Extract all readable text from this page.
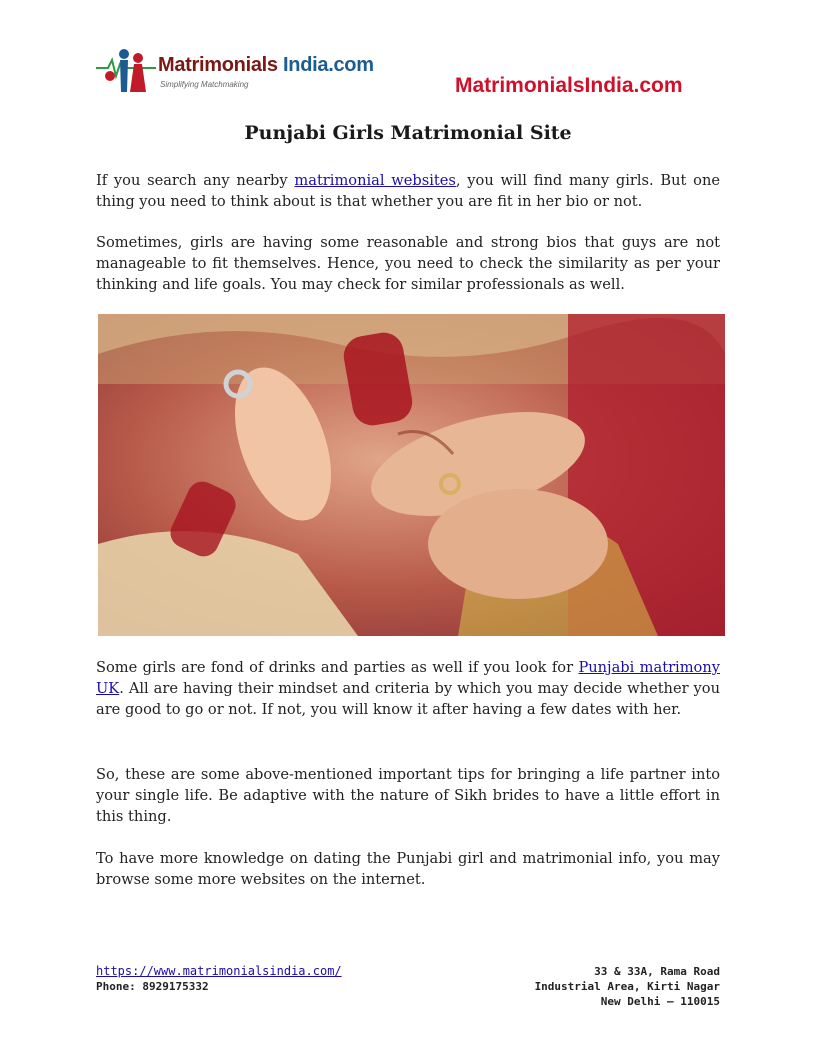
Matrimonials India.com
Simplifying Matchmaking	MatrimonialsIndia.com
Punjabi Girls Matrimonial Site

If you search any nearby matrimonial websites, you will find many girls. But one thing you need to think about is that whether you are fit in her bio or not.

Sometimes, girls are having some reasonable and strong bios that guys are not manageable to fit themselves. Hence, you need to check the similarity as per your thinking and life goals. You may check for similar professionals as well.

Some girls are fond of drinks and parties as well if you look for Punjabi matrimony UK. All are having their mindset and criteria by which you may decide whether you are good to go or not. If not, you will know it after having a few dates with her.

So, these are some above-mentioned important tips for bringing a life partner into your single life. Be adaptive with the nature of Sikh brides to have a little effort in this thing.

To have more knowledge on dating the Punjabi girl and matrimonial info, you may browse some more websites on the internet.

https://www.matrimonialsindia.com/
Phone: 8929175332
33 & 33A, Rama Road
Industrial Area, Kirti Nagar
New Delhi – 110015
